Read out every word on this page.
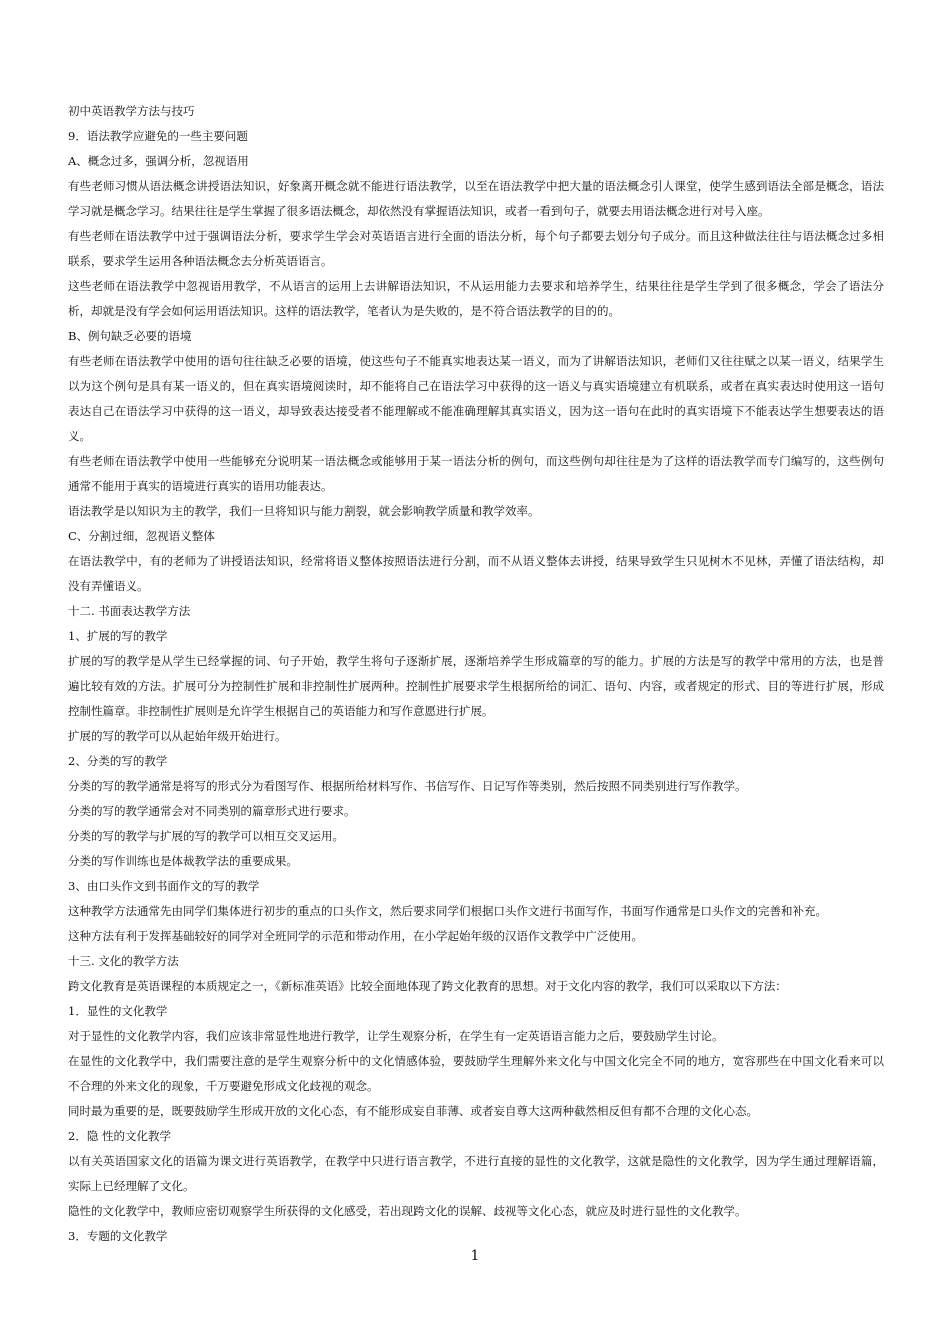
初中英语教学方法与技巧

9．语法教学应避免的一些主要问题

A、概念过多，强调分析，忽视语用

有些老师习惯从语法概念讲授语法知识，好象离开概念就不能进行语法教学，以至在语法教学中把大量的语法概念引人课堂，使学生感到语法全部是概念，语法学习就是概念学习。结果往往是学生掌握了很多语法概念，却依然没有掌握语法知识，或者一看到句子，就要去用语法概念进行对号入座。

有些老师在语法教学中过于强调语法分析，要求学生学会对英语语言进行全面的语法分析，每个句子都要去划分句子成分。而且这种做法往往与语法概念过多相联系，要求学生运用各种语法概念去分析英语语言。

这些老师在语法教学中忽视语用教学，不从语言的运用上去讲解语法知识，不从运用能力去要求和培养学生，结果往往是学生学到了很多概念，学会了语法分析，却就是没有学会如何运用语法知识。这样的语法教学，笔者认为是失败的，是不符合语法教学的目的的。

B、例句缺乏必要的语境

有些老师在语法教学中使用的语句往往缺乏必要的语境，使这些句子不能真实地表达某一语义，而为了讲解语法知识，老师们又往往赋之以某一语义，结果学生以为这个例句是具有某一语义的，但在真实语境阅读时，却不能将自己在语法学习中获得的这一语义与真实语境建立有机联系，或者在真实表达时使用这一语句表达自己在语法学习中获得的这一语义，却导致表达接受者不能理解或不能准确理解其真实语义，因为这一语句在此时的真实语境下不能表达学生想要表达的语义。

有些老师在语法教学中使用一些能够充分说明某一语法概念或能够用于某一语法分析的例句，而这些例句却往往是为了这样的语法教学而专门编写的，这些例句通常不能用于真实的语境进行真实的语用功能表达。

语法教学是以知识为主的教学，我们一旦将知识与能力割裂，就会影响教学质量和教学效率。

C、分割过细，忽视语义整体

在语法教学中，有的老师为了讲授语法知识，经常将语义整体按照语法进行分割，而不从语义整体去讲授，结果导致学生只见树木不见林，弄懂了语法结构，却没有弄懂语义。

十二. 书面表达教学方法

1、扩展的写的教学

扩展的写的教学是从学生已经掌握的词、句子开始，教学生将句子逐渐扩展，逐渐培养学生形成篇章的写的能力。扩展的方法是写的教学中常用的方法，也是普遍比较有效的方法。扩展可分为控制性扩展和非控制性扩展两种。控制性扩展要求学生根据所给的词汇、语句、内容，或者规定的形式、目的等进行扩展，形成控制性篇章。非控制性扩展则是允许学生根据自己的英语能力和写作意愿进行扩展。

扩展的写的教学可以从起始年级开始进行。

2、分类的写的教学

分类的写的教学通常是将写的形式分为看图写作、根据所给材料写作、书信写作、日记写作等类别，然后按照不同类别进行写作教学。

分类的写的教学通常会对不同类别的篇章形式进行要求。

分类的写的教学与扩展的写的教学可以相互交叉运用。

分类的写作训练也是体裁教学法的重要成果。

3、由口头作文到书面作文的写的教学

这种教学方法通常先由同学们集体进行初步的重点的口头作文，然后要求同学们根据口头作文进行书面写作，书面写作通常是口头作文的完善和补充。

这种方法有利于发挥基础较好的同学对全班同学的示范和带动作用，在小学起始年级的汉语作文教学中广泛使用。

十三. 文化的教学方法

跨文化教育是英语课程的本质规定之一，《新标准英语》比较全面地体现了跨文化教育的思想。对于文化内容的教学，我们可以采取以下方法：

1．显性的文化教学

对于显性的文化教学内容，我们应该非常显性地进行教学，让学生观察分析，在学生有一定英语语言能力之后，要鼓励学生讨论。

在显性的文化教学中，我们需要注意的是学生观察分析中的文化情感体验，要鼓励学生理解外来文化与中国文化完全不同的地方，宽容那些在中国文化看来可以不合理的外来文化的现象，千万要避免形成文化歧视的观念。

同时最为重要的是，既要鼓励学生形成开放的文化心态，有不能形成妄自菲薄、或者妄自尊大这两种截然相反但有都不合理的文化心态。

2．隐 性的文化教学

以有关英语国家文化的语篇为课文进行英语教学，在教学中只进行语言教学，不进行直接的显性的文化教学，这就是隐性的文化教学，因为学生通过理解语篇，实际上已经理解了文化。

隐性的文化教学中，教师应密切观察学生所获得的文化感受，若出现跨文化的误解、歧视等文化心态，就应及时进行显性的文化教学。

3．专题的文化教学

1
